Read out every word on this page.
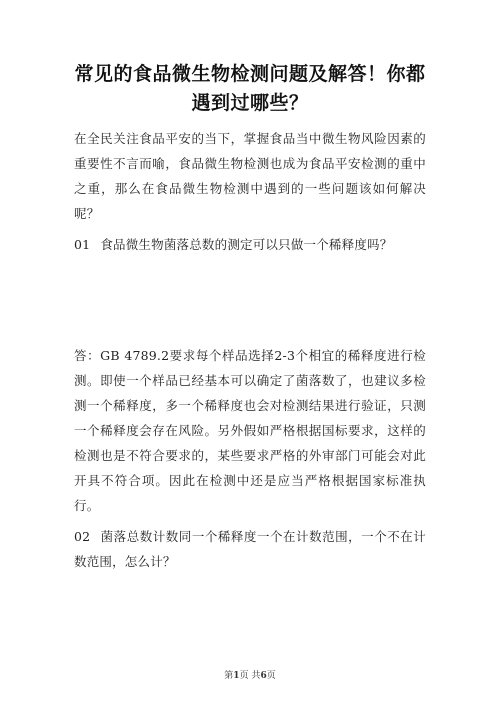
常见的食品微生物检测问题及解答！你都
遇到过哪些？
在全民关注食品平安的当下，掌握食品当中微生物风险因素的重要性不言而喻，食品微生物检测也成为食品平安检测的重中之重，那么在食品微生物检测中遇到的一些问题该如何解决呢？
01 食品微生物菌落总数的测定可以只做一个稀释度吗？
答：GB 4789.2要求每个样品选择2-3个相宜的稀释度进行检测。即使一个样品已经基本可以确定了菌落数了，也建议多检测一个稀释度，多一个稀释度也会对检测结果进行验证，只测一个稀释度会存在风险。另外假如严格根据国标要求，这样的检测也是不符合要求的，某些要求严格的外审部门可能会对此开具不符合项。因此在检测中还是应当严格根据国家标准执行。
02 菌落总数计数同一个稀释度一个在计数范围，一个不在计数范围，怎么计？
第1页 共6页
